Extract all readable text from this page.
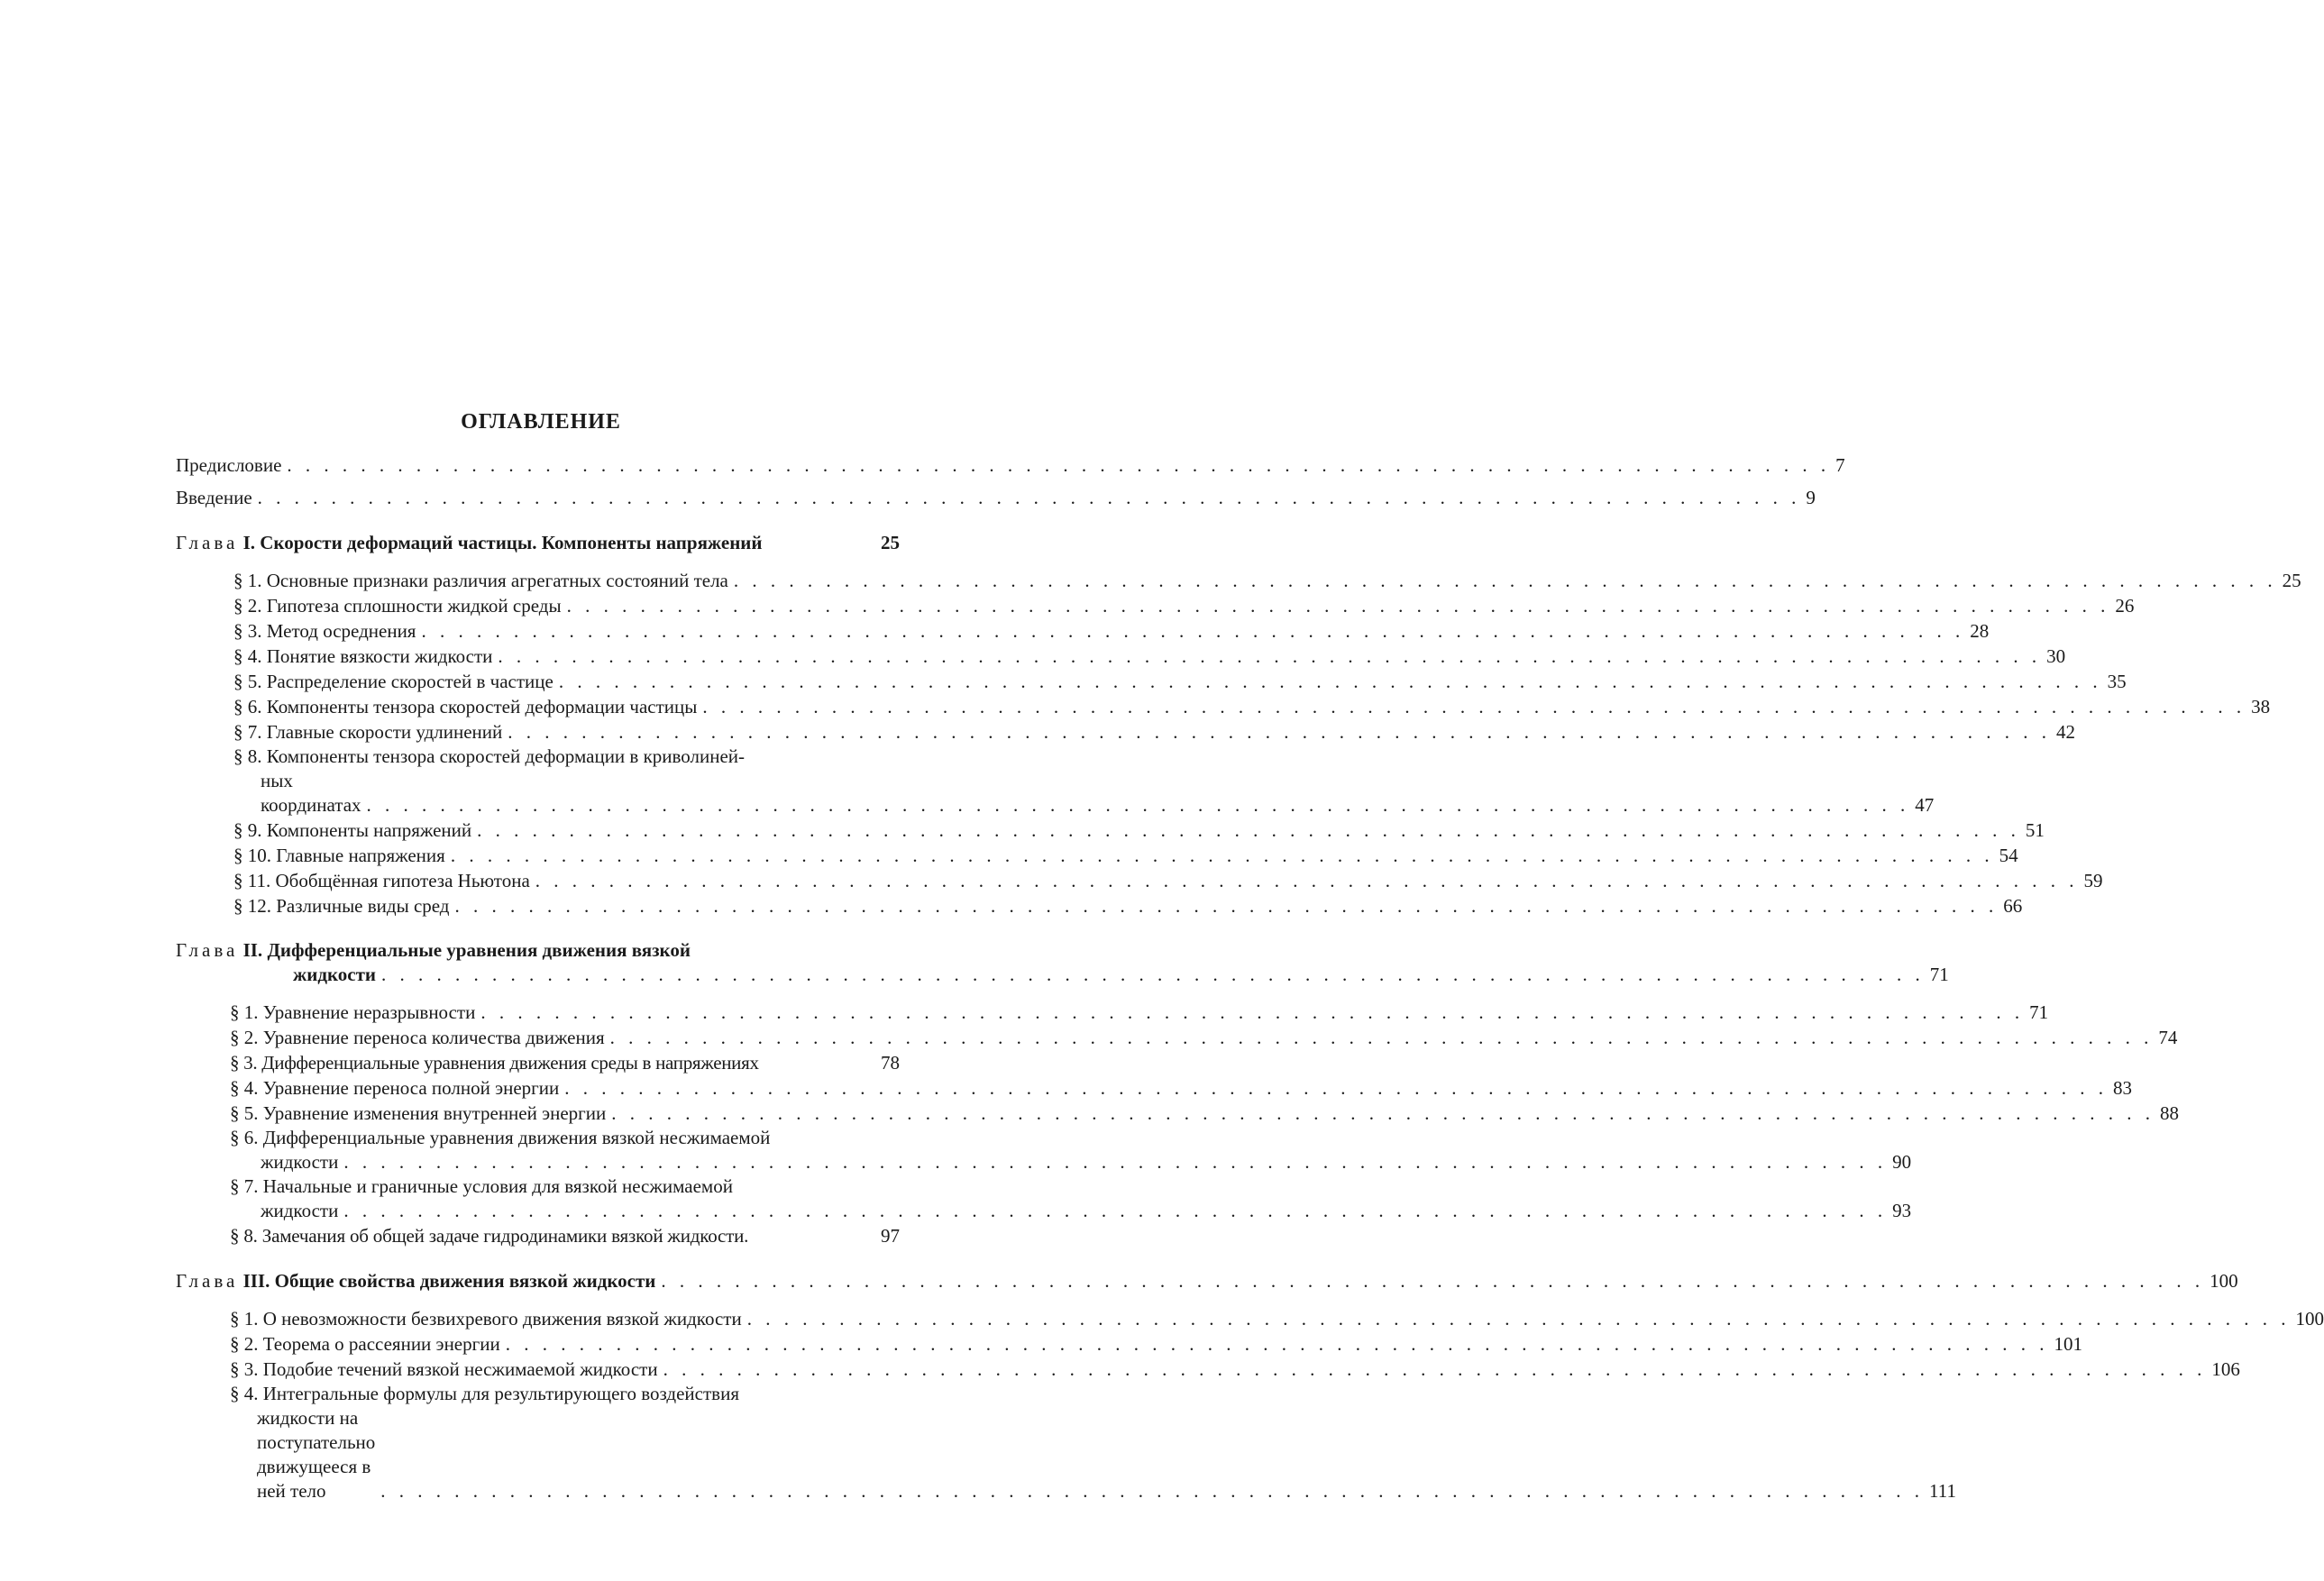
ОГЛАВЛЕНИЕ
Предисловие . . .	7
Введение . . .	9
Глава I. Скорости деформаций частицы. Компоненты напряжений	25
§ 1. Основные признаки различия агрегатных состояний тела . . .	25
§ 2. Гипотеза сплошности жидкой среды . . .	26
§ 3. Метод осреднения . . .	28
§ 4. Понятие вязкости жидкости . . .	30
§ 5. Распределение скоростей в частице . . .	35
§ 6. Компоненты тензора скоростей деформации частицы . . .	38
§ 7. Главные скорости удлинений . . .	42
§ 8. Компоненты тензора скоростей деформации в криволиней-
ных координатах . . .	47
§ 9. Компоненты напряжений . . .	51
§ 10. Главные напряжения . . .	54
§ 11. Обобщённая гипотеза Ньютона . . .	59
§ 12. Различные виды сред . . .	66
Глава II. Дифференциальные уравнения движения вязкой
жидкости . . .	71
§ 1. Уравнение неразрывности . . .	71
§ 2. Уравнение переноса количества движения . . .	74
§ 3. Дифференциальные уравнения движения среды в напряжениях	78
§ 4. Уравнение переноса полной энергии . . .	83
§ 5. Уравнение изменения внутренней энергии . . .	88
§ 6. Дифференциальные уравнения движения вязкой несжимаемой
жидкости . . .	90
§ 7. Начальные и граничные условия для вязкой несжимаемой
жидкости . . .	93
§ 8. Замечания об общей задаче гидродинамики вязкой жидкости.	97
Глава III. Общие свойства движения вязкой жидкости . . .	100
§ 1. О невозможности безвихревого движения вязкой жидкости . . .	100
§ 2. Теорема о рассеянии энергии . . .	101
§ 3. Подобие течений вязкой несжимаемой жидкости . . .	106
§ 4. Интегральные формулы для результирующего воздействия
жидкости на поступательно движущееся в ней тело . . .	111
